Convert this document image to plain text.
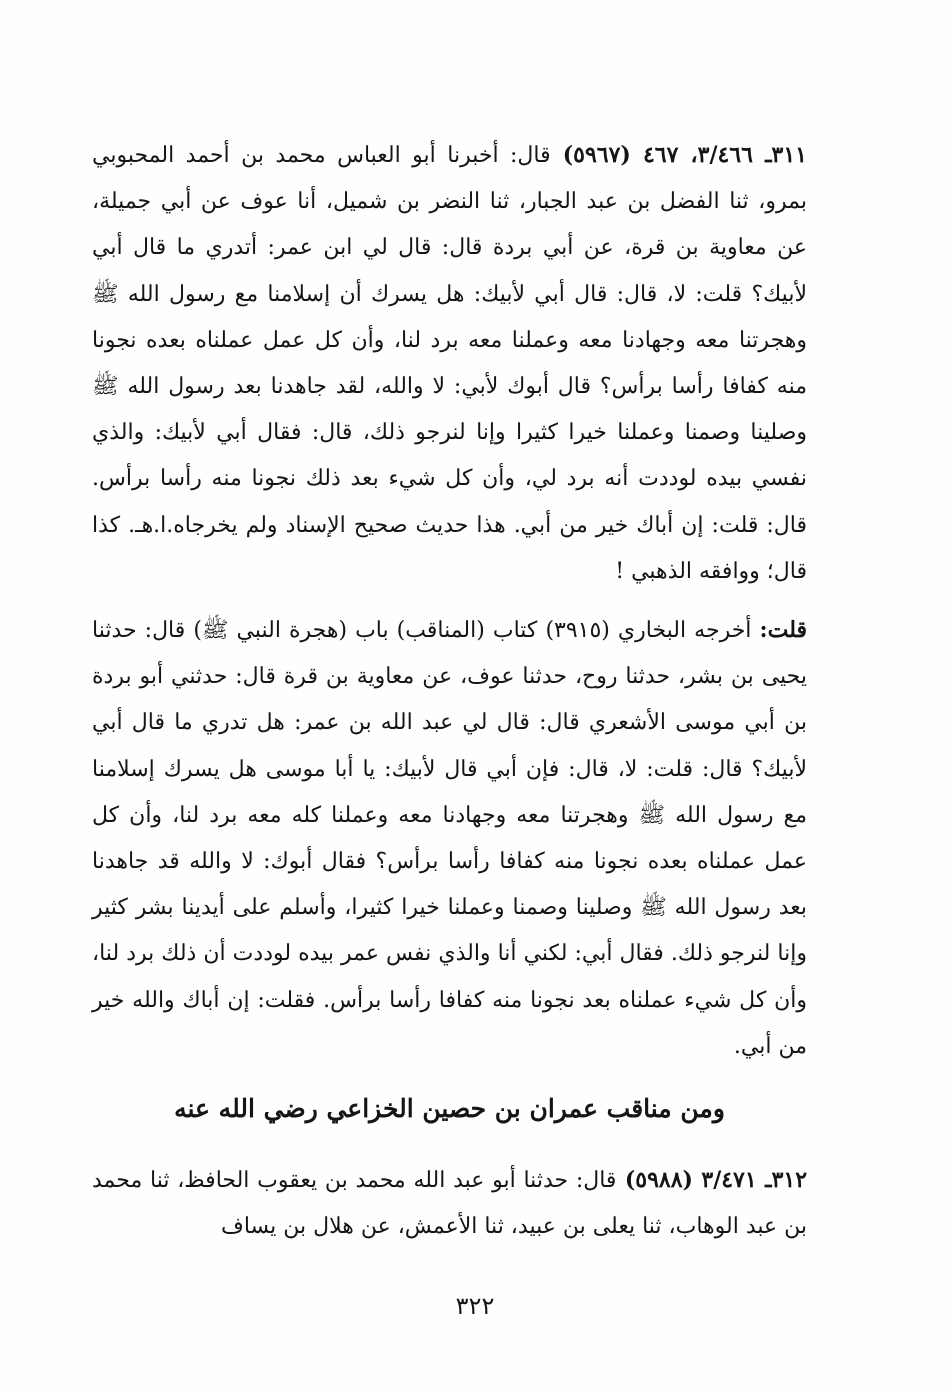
٣١١ـ ٣/٤٦٦، ٤٦٧ (٥٩٦٧) قال: أخبرنا أبو العباس محمد بن أحمد المحبوبي بمرو، ثنا الفضل بن عبد الجبار، ثنا النضر بن شميل، أنا عوف عن أبي جميلة، عن معاوية بن قرة، عن أبي بردة قال: قال لي ابن عمر: أتدري ما قال أبي لأبيك؟ قلت: لا، قال: قال أبي لأبيك: هل يسرك أن إسلامنا مع رسول الله ﷺ وهجرتنا معه وجهادنا معه وعملنا معه برد لنا، وأن كل عمل عملناه بعده نجونا منه كفافا رأسا برأس؟ قال أبوك لأبي: لا والله، لقد جاهدنا بعد رسول الله ﷺ وصلينا وصمنا وعملنا خيرا كثيرا وإنا لنرجو ذلك، قال: فقال أبي لأبيك: والذي نفسي بيده لوددت أنه برد لي، وأن كل شيء بعد ذلك نجونا منه رأسا برأس. قال: قلت: إن أباك خير من أبي. هذا حديث صحيح الإسناد ولم يخرجاه.ا.هـ. كذا قال؛ ووافقه الذهبي !

قلت: أخرجه البخاري (٣٩١٥) كتاب (المناقب) باب (هجرة النبي ﷺ) قال: حدثنا يحيى بن بشر، حدثنا روح، حدثنا عوف، عن معاوية بن قرة قال: حدثني أبو بردة بن أبي موسى الأشعري قال: قال لي عبد الله بن عمر: هل تدري ما قال أبي لأبيك؟ قال: قلت: لا، قال: فإن أبي قال لأبيك: يا أبا موسى هل يسرك إسلامنا مع رسول الله ﷺ وهجرتنا معه وجهادنا معه وعملنا كله معه برد لنا، وأن كل عمل عملناه بعده نجونا منه كفافا رأسا برأس؟ فقال أبوك: لا والله قد جاهدنا بعد رسول الله ﷺ وصلينا وصمنا وعملنا خيرا كثيرا، وأسلم على أيدينا بشر كثير وإنا لنرجو ذلك. فقال أبي: لكني أنا والذي نفس عمر بيده لوددت أن ذلك برد لنا، وأن كل شيء عملناه بعد نجونا منه كفافا رأسا برأس. فقلت: إن أباك والله خير من أبي.

ومن مناقب عمران بن حصين الخزاعي رضي الله عنه

٣١٢ـ ٣/٤٧١ (٥٩٨٨) قال: حدثنا أبو عبد الله محمد بن يعقوب الحافظ، ثنا محمد بن عبد الوهاب، ثنا يعلى بن عبيد، ثنا الأعمش، عن هلال بن يساف

٣٢٢
